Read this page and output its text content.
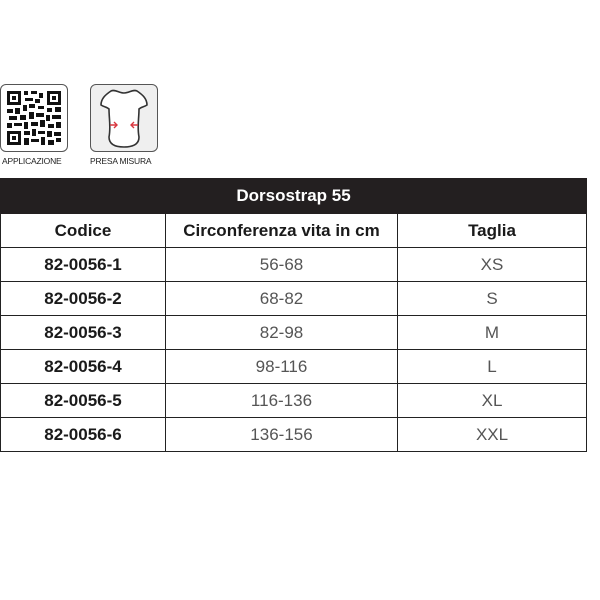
APPLICAZIONE	PRESA MISURA
Dorsostrap 55		
Codice	Circonferenza vita in cm	Taglia
82-0056-1	56-68	XS
82-0056-2	68-82	S
82-0056-3	82-98	M
82-0056-4	98-116	L
82-0056-5	116-136	XL
82-0056-6	136-156	XXL
